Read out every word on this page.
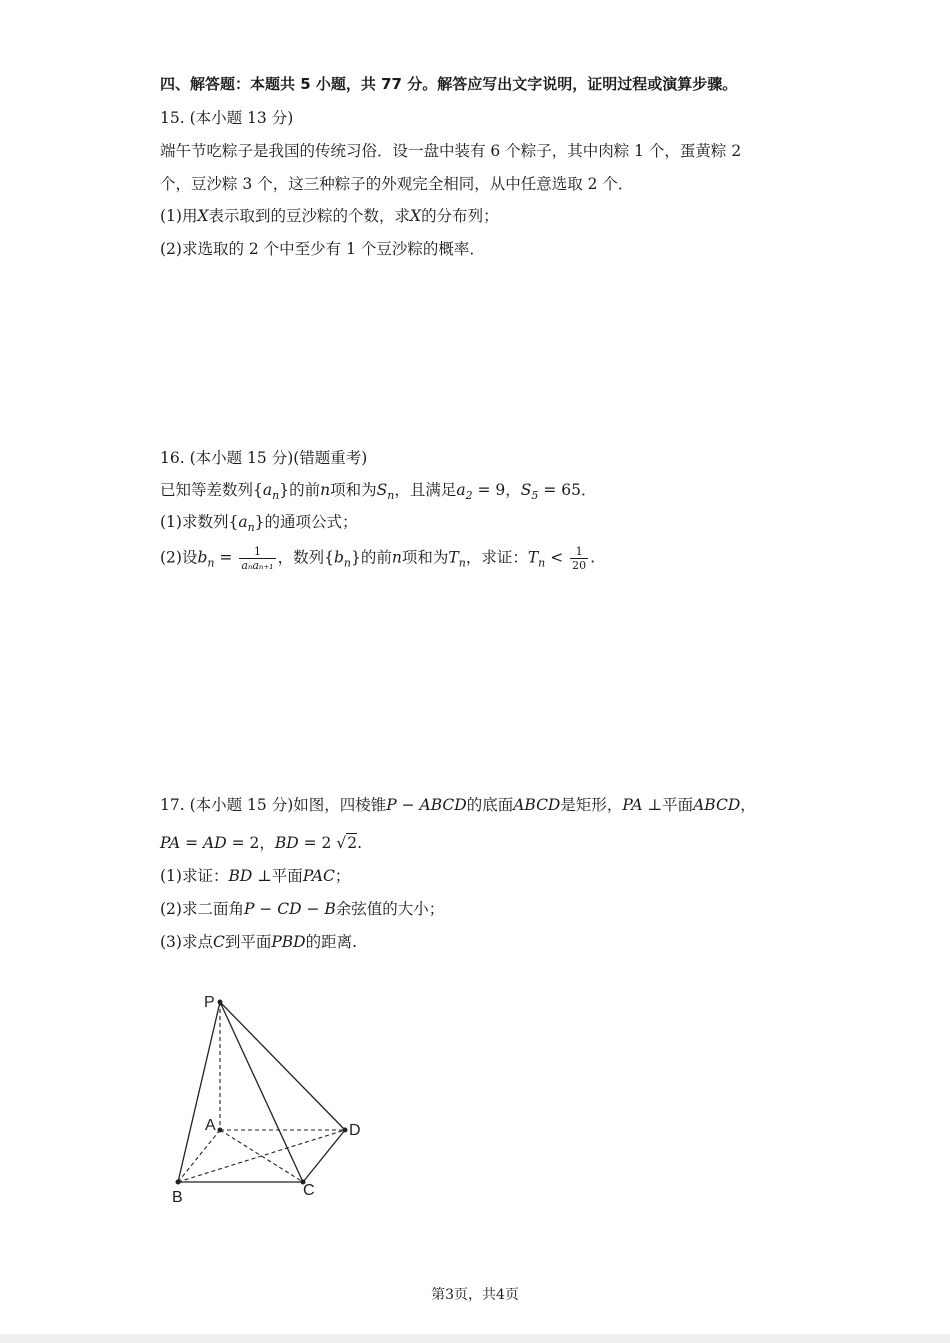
四、解答题：本题共 5 小题，共 77 分。解答应写出文字说明，证明过程或演算步骤。
15. (本小题 13 分)
端午节吃粽子是我国的传统习俗．设一盘中装有 6 个粽子，其中肉粽 1 个，蛋黄粽 2
个，豆沙粽 3 个，这三种粽子的外观完全相同，从中任意选取 2 个．
(1)用X表示取到的豆沙粽的个数，求X的分布列；
(2)求选取的 2 个中至少有 1 个豆沙粽的概率．
16. (本小题 15 分)(错题重考)
已知等差数列$\{a_n\}$的前n项和为$S_n$，且满足$a_2 = 9$，$S_5 = 65$．
(1)求数列$\{a_n\}$的通项公式；
(2)设$b_n = \frac{1}{\text{aₙaₙ₊₁}}$ ，数列$\{b_n\}$的前n项和为$T_n$，求证：$T_n < \frac{1}{20}$ .
17. (本小题 15 分)如图，四棱锥P − ABCD的底面ABCD是矩形，PA ⊥平面ABCD，
PA = AD = 2，BD = 2 √2.
(1)求证：BD ⊥平面PAC；
(2)求二面角P − CD − B余弦值的大小；
(3)求点C到平面PBD的距离.
P
A
B	C
D
第3页，共4页
